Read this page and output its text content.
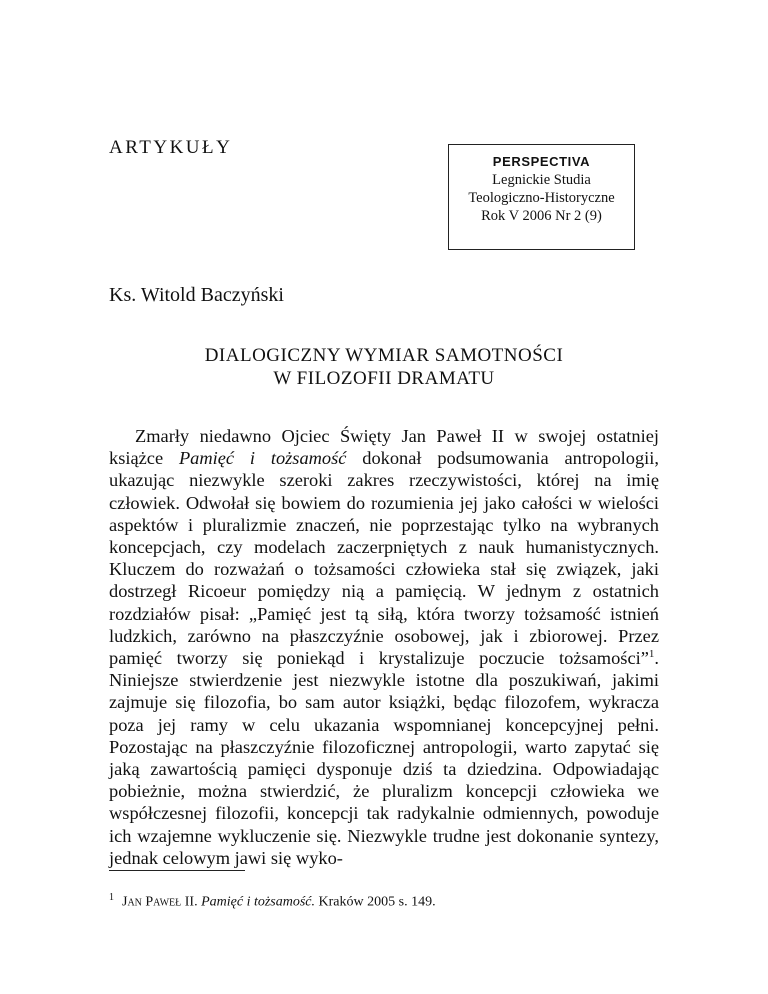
ARTYKUŁY
PERSPECTIVA
Legnickie Studia
Teologiczno-Historyczne
Rok V 2006 Nr 2 (9)

Ks. Witold Baczyński

DIALOGICZNY WYMIAR SAMOTNOŚCI
W FILOZOFII DRAMATU

Zmarły niedawno Ojciec Święty Jan Paweł II w swojej ostatniej książce Pamięć i tożsamość dokonał podsumowania antropologii, ukazując niezwykle szeroki zakres rzeczywistości, której na imię człowiek. Odwołał się bowiem do rozumienia jej jako całości w wielości aspektów i pluralizmie znaczeń, nie poprzestając tylko na wybranych koncepcjach, czy modelach zaczerpniętych z nauk humanistycznych. Kluczem do rozważań o tożsamości człowieka stał się związek, jaki dostrzegł Ricoeur pomiędzy nią a pamięcią. W jednym z ostatnich rozdziałów pisał: „Pamięć jest tą siłą, która tworzy tożsamość istnień ludzkich, zarówno na płaszczyźnie osobowej, jak i zbiorowej. Przez pamięć tworzy się poniekąd i krystalizuje poczucie tożsamości”$^1$. Niniejsze stwierdzenie jest niezwykle istotne dla poszukiwań, jakimi zajmuje się filozofia, bo sam autor książki, będąc filozofem, wykracza poza jej ramy w celu ukazania wspomnianej koncepcyjnej pełni. Pozostając na płaszczyźnie filozoficznej antropologii, warto zapytać się jaką zawartością pamięci dysponuje dziś ta dziedzina. Odpowiadając pobieżnie, można stwierdzić, że pluralizm koncepcji człowieka we współczesnej filozofii, koncepcji tak radykalnie odmiennych, powoduje ich wzajemne wykluczenie się. Niezwykle trudne jest dokonanie syntezy, jednak celowym jawi się wyko-

$^1$ Jan Paweł II. Pamięć i tożsamość. Kraków 2005 s. 149.
